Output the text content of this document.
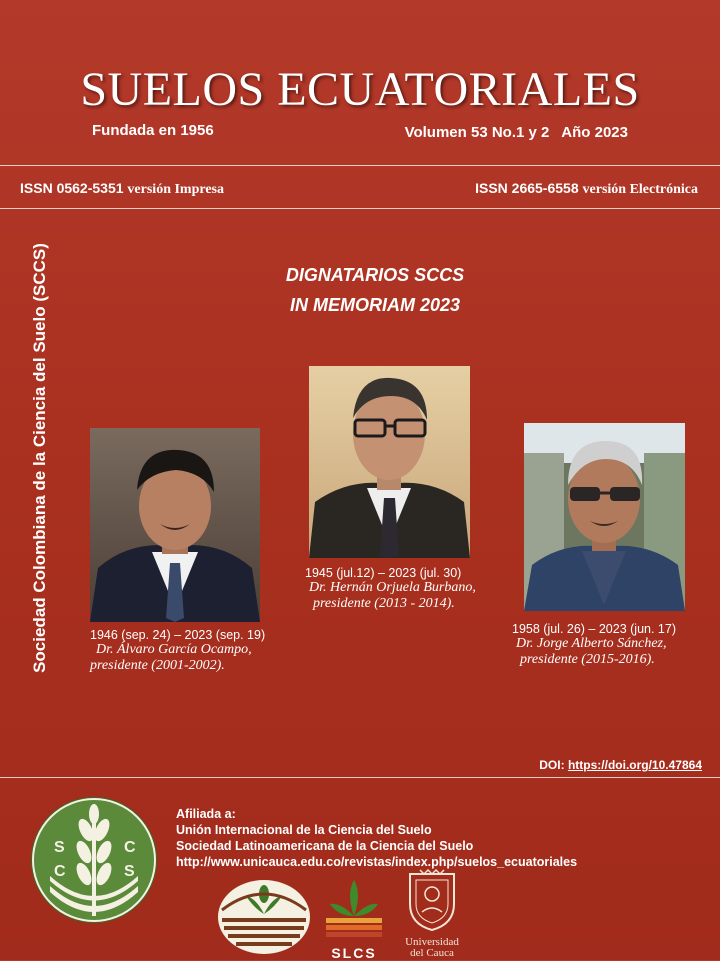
SUELOS ECUATORIALES
Fundada en 1956	Volumen 53 No.1 y 2   Año 2023
ISSN 0562-5351 versión Impresa	ISSN 2665-6558 versión Electrónica
Sociedad Colombiana de la Ciencia del Suelo (SCCS)	DIGNATARIOS SCCS
IN MEMORIAM 2023
1946 (sep. 24) – 2023 (sep. 19)
Dr. Álvaro García Ocampo,
presidente (2001-2002).
1945 (jul.12) – 2023 (jul. 30)
Dr. Hernán Orjuela Burbano,
presidente (2013 - 2014).
1958 (jul. 26) – 2023 (jun. 17)
Dr. Jorge Alberto Sánchez,
presidente (2015-2016).
DOI: https://doi.org/10.47864
S
C
C
S
Afiliada a:
Unión Internacional de la Ciencia del Suelo
Sociedad Latinoamericana de la Ciencia del Suelo
http://www.unicauca.edu.co/revistas/index.php/suelos_ecuatoriales
SLCS
Universidad
del Cauca
